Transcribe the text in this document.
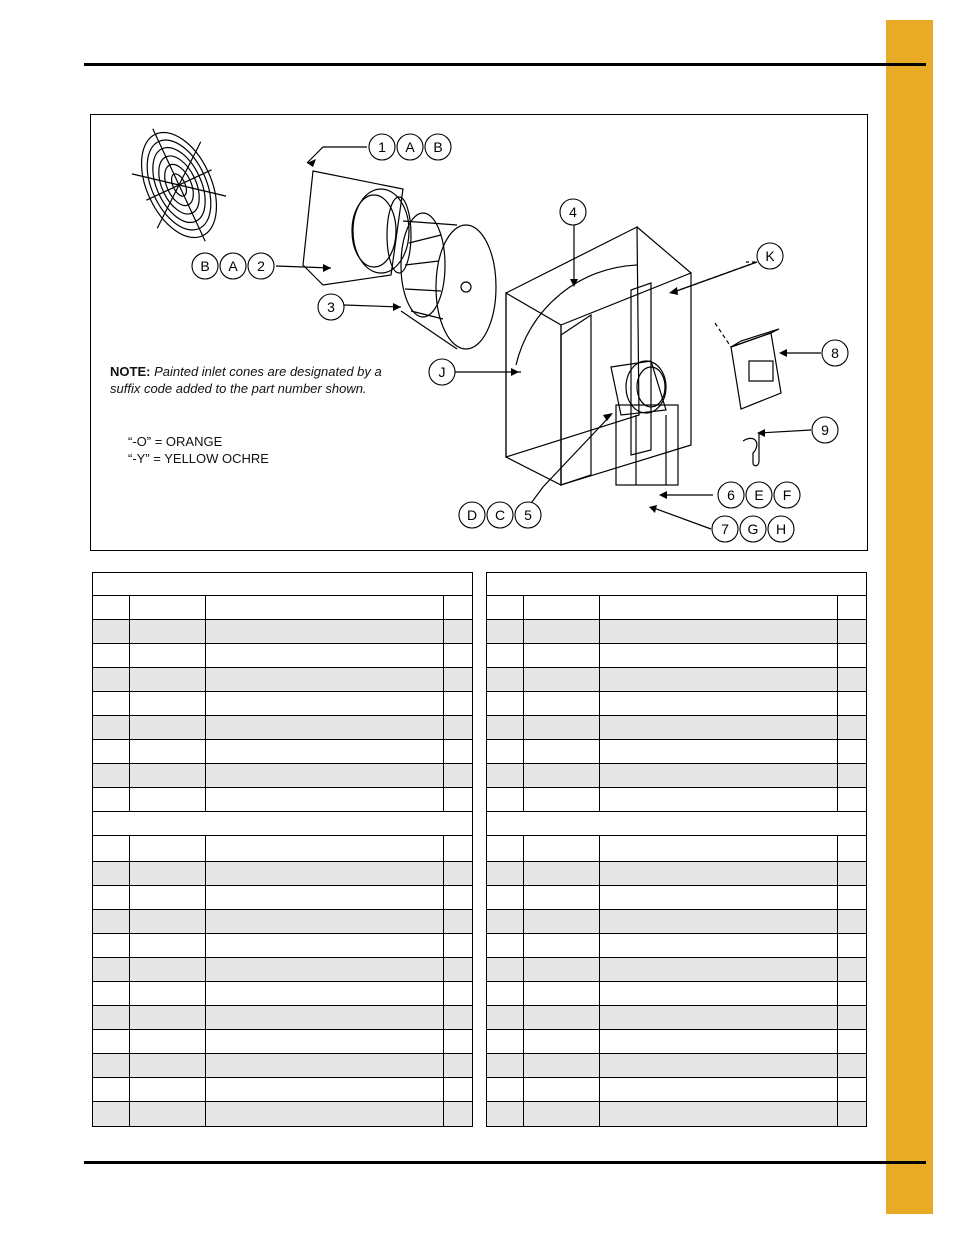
1 A B
B A 2
3
4
K
8
J
9
6 E F
D C 5
7 G H
NOTE: Painted inlet cones are designated by a suffix code added to the part number shown.
“-O” = ORANGE
“-Y” = YELLOW OCHRE
